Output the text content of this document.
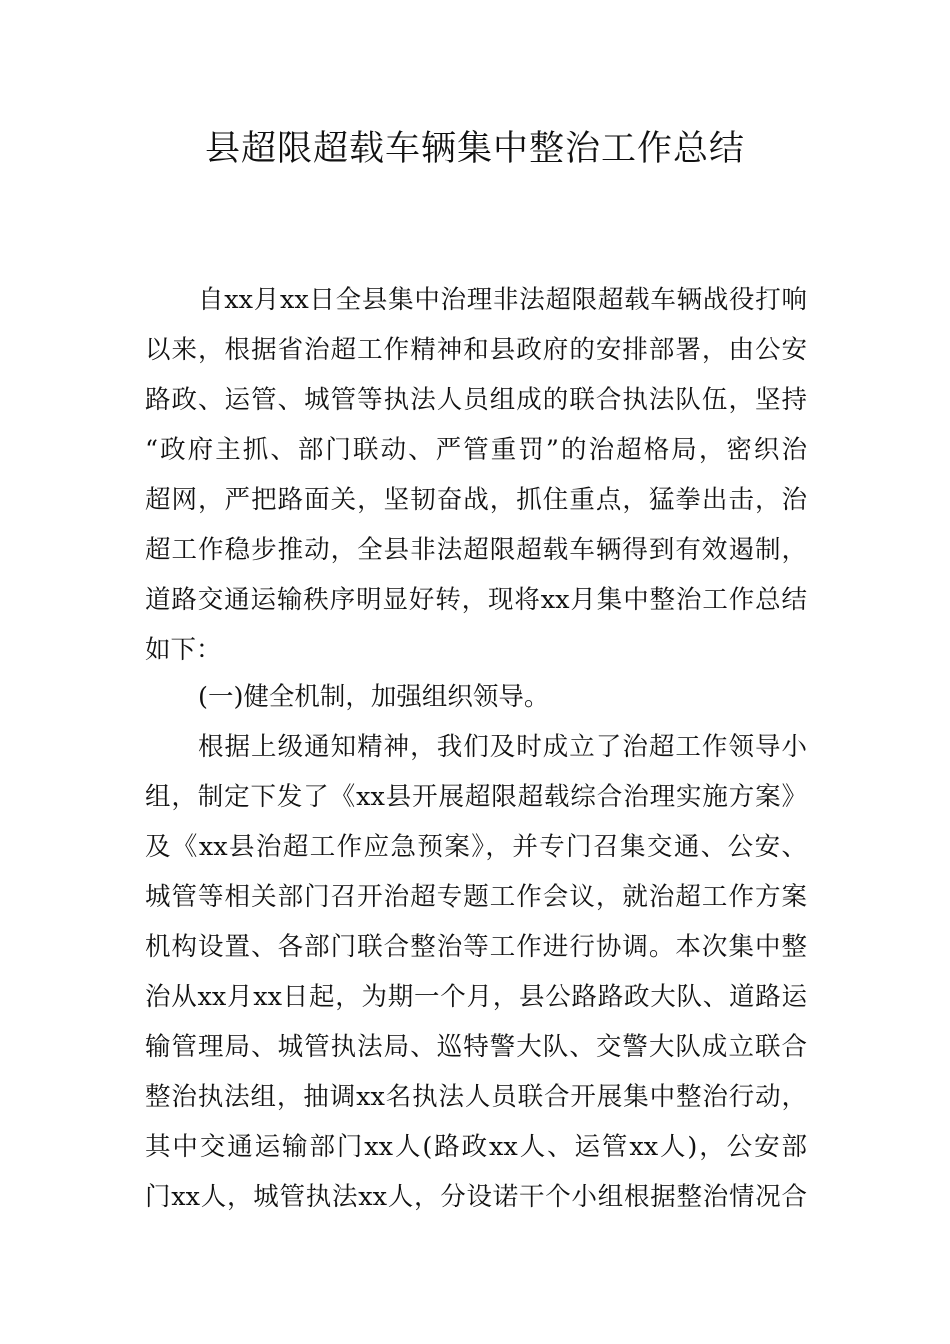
县超限超载车辆集中整治工作总结
自xx月xx日全县集中治理非法超限超载车辆战役打响
以来，根据省治超工作精神和县政府的安排部署，由公安
路政、运管、城管等执法人员组成的联合执法队伍，坚持
“政府主抓、部门联动、严管重罚”的治超格局，密织治
超网，严把路面关，坚韧奋战，抓住重点，猛拳出击，治
超工作稳步推动，全县非法超限超载车辆得到有效遏制，
道路交通运输秩序明显好转，现将xx月集中整治工作总结
如下：
(一)健全机制，加强组织领导。
根据上级通知精神，我们及时成立了治超工作领导小
组，制定下发了《xx县开展超限超载综合治理实施方案》
及《xx县治超工作应急预案》，并专门召集交通、公安、
城管等相关部门召开治超专题工作会议，就治超工作方案
机构设置、各部门联合整治等工作进行协调。本次集中整
治从xx月xx日起，为期一个月，县公路路政大队、道路运
输管理局、城管执法局、巡特警大队、交警大队成立联合
整治执法组，抽调xx名执法人员联合开展集中整治行动，
其中交通运输部门xx人(路政xx人、运管xx人)，公安部
门xx人，城管执法xx人，分设诺干个小组根据整治情况合
